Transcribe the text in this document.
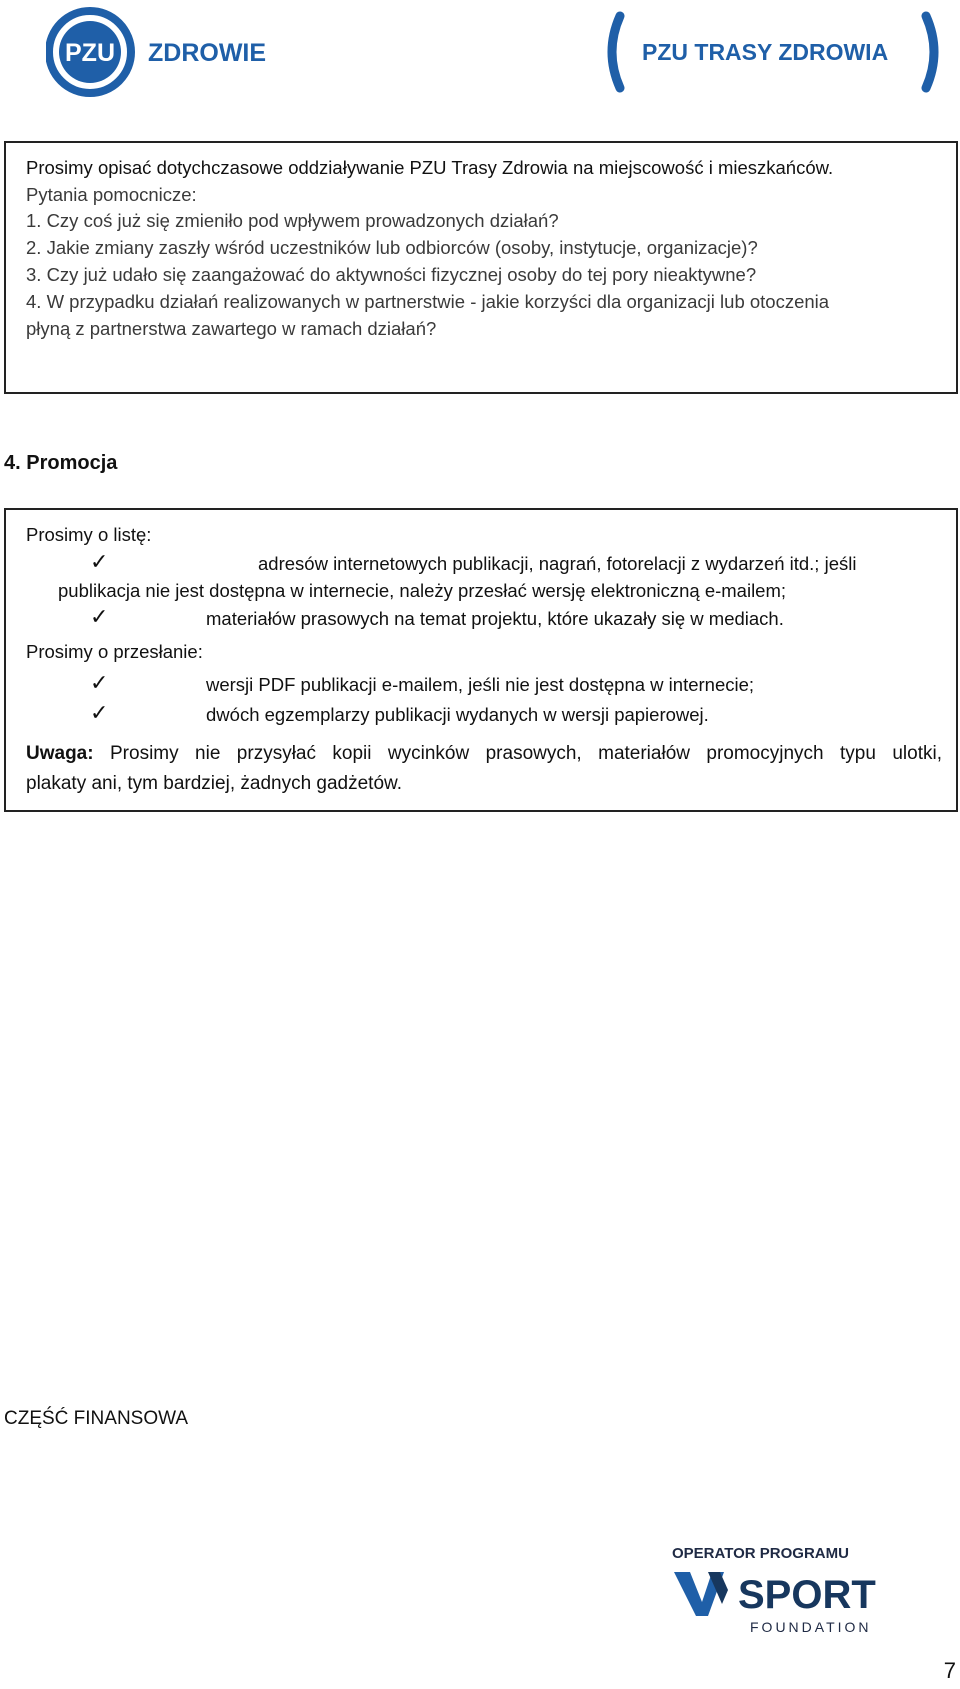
PZU ZDROWIE	PZU TRASY ZDROWIA
Prosimy opisać dotychczasowe oddziaływanie PZU Trasy Zdrowia na miejscowość i mieszkańców.
Pytania pomocnicze:
1. Czy coś już się zmieniło pod wpływem prowadzonych działań?
2. Jakie zmiany zaszły wśród uczestników lub odbiorców (osoby, instytucje, organizacje)?
3. Czy już udało się zaangażować do aktywności fizycznej osoby do tej pory nieaktywne?
4. W przypadku działań realizowanych w partnerstwie - jakie korzyści dla organizacji lub otoczenia
płyną z partnerstwa zawartego w ramach działań?
4. Promocja
Prosimy o listę:
✓	adresów internetowych publikacji, nagrań, fotorelacji z wydarzeń itd.; jeśli
publikacja nie jest dostępna w internecie, należy przesłać wersję elektroniczną e-mailem;
✓	materiałów prasowych na temat projektu, które ukazały się w mediach.
Prosimy o przesłanie:
✓	wersji PDF publikacji e-mailem, jeśli nie jest dostępna w internecie;
✓	dwóch egzemplarzy publikacji wydanych w wersji papierowej.
Uwaga: Prosimy nie przysyłać kopii wycinków prasowych, materiałów promocyjnych typu ulotki,
plakaty ani, tym bardziej, żadnych gadżetów.
CZĘŚĆ FINANSOWA
OPERATOR PROGRAMU
SPORT
FOUNDATION
7
